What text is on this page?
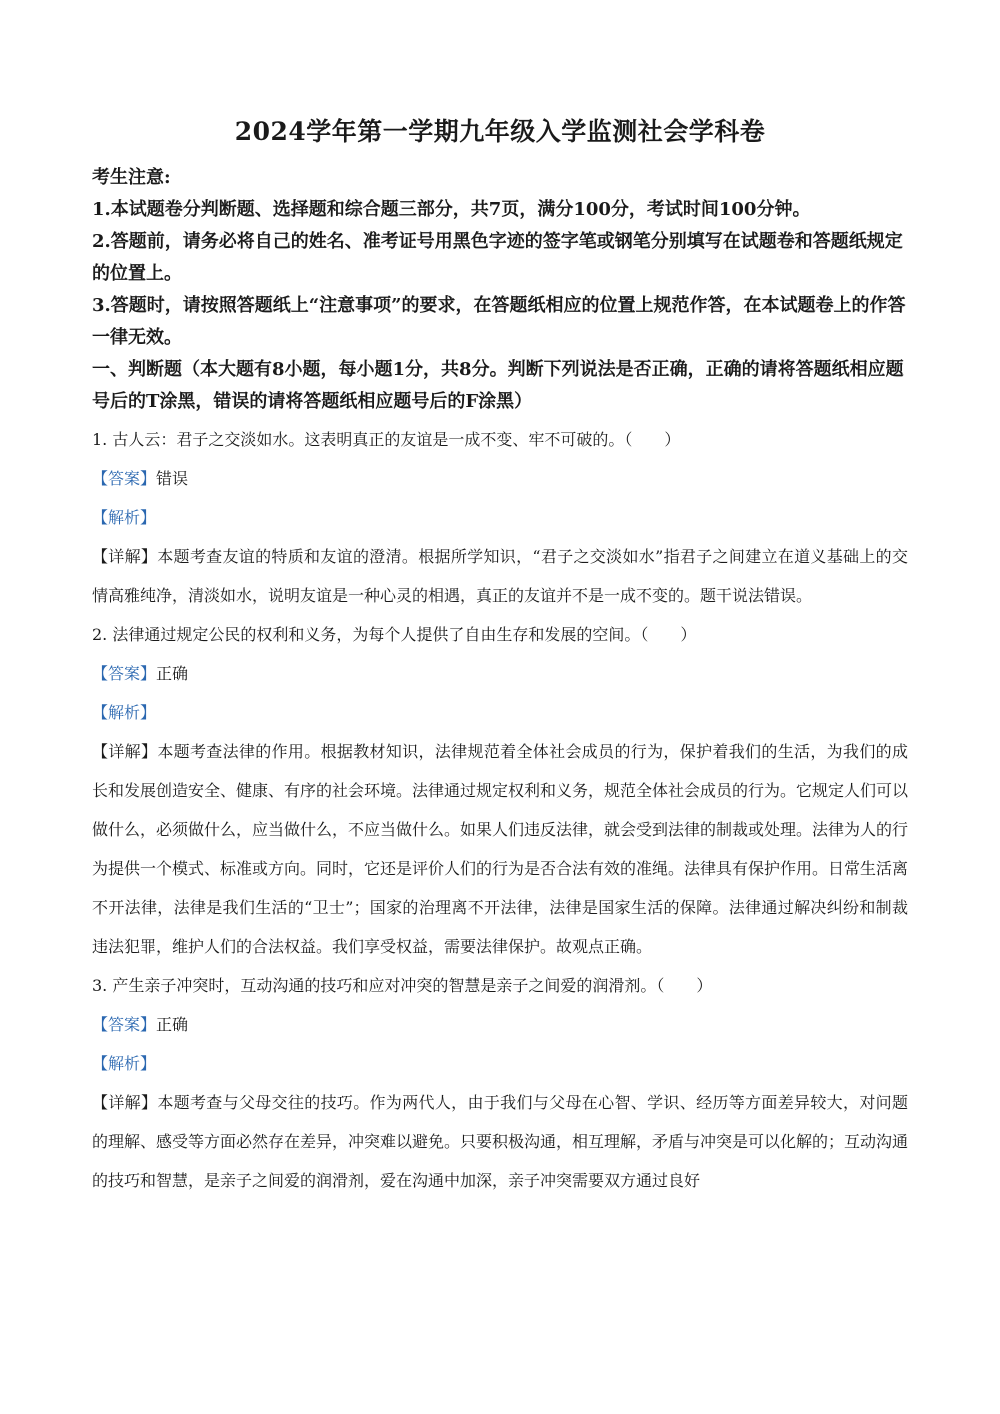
2024学年第一学期九年级入学监测社会学科卷

考生注意:

1.本试题卷分判断题、选择题和综合题三部分，共7页，满分100分，考试时间100分钟。

2.答题前，请务必将自己的姓名、准考证号用黑色字迹的签字笔或钢笔分别填写在试题卷和答题纸规定的位置上。

3.答题时，请按照答题纸上“注意事项”的要求，在答题纸相应的位置上规范作答，在本试题卷上的作答一律无效。

一、判断题（本大题有8小题，每小题1分，共8分。判断下列说法是否正确，正确的请将答题纸相应题号后的T涂黑，错误的请将答题纸相应题号后的F涂黑）

1. 古人云：君子之交淡如水。这表明真正的友谊是一成不变、牢不可破的。（　　）

【答案】错误

【解析】

【详解】本题考查友谊的特质和友谊的澄清。根据所学知识，“君子之交淡如水”指君子之间建立在道义基础上的交情高雅纯净，清淡如水，说明友谊是一种心灵的相遇，真正的友谊并不是一成不变的。题干说法错误。

2. 法律通过规定公民的权利和义务，为每个人提供了自由生存和发展的空间。（　　）

【答案】正确

【解析】

【详解】本题考查法律的作用。根据教材知识，法律规范着全体社会成员的行为，保护着我们的生活，为我们的成长和发展创造安全、健康、有序的社会环境。法律通过规定权利和义务，规范全体社会成员的行为。它规定人们可以做什么，必须做什么，应当做什么，不应当做什么。如果人们违反法律，就会受到法律的制裁或处理。法律为人的行为提供一个模式、标准或方向。同时，它还是评价人们的行为是否合法有效的准绳。法律具有保护作用。日常生活离不开法律，法律是我们生活的“卫士”；国家的治理离不开法律，法律是国家生活的保障。法律通过解决纠纷和制裁违法犯罪，维护人们的合法权益。我们享受权益，需要法律保护。故观点正确。

3. 产生亲子冲突时，互动沟通的技巧和应对冲突的智慧是亲子之间爱的润滑剂。（　　）

【答案】正确

【解析】

【详解】本题考查与父母交往的技巧。作为两代人，由于我们与父母在心智、学识、经历等方面差异较大，对问题的理解、感受等方面必然存在差异，冲突难以避免。只要积极沟通，相互理解，矛盾与冲突是可以化解的；互动沟通的技巧和智慧，是亲子之间爱的润滑剂，爱在沟通中加深，亲子冲突需要双方通过良好
